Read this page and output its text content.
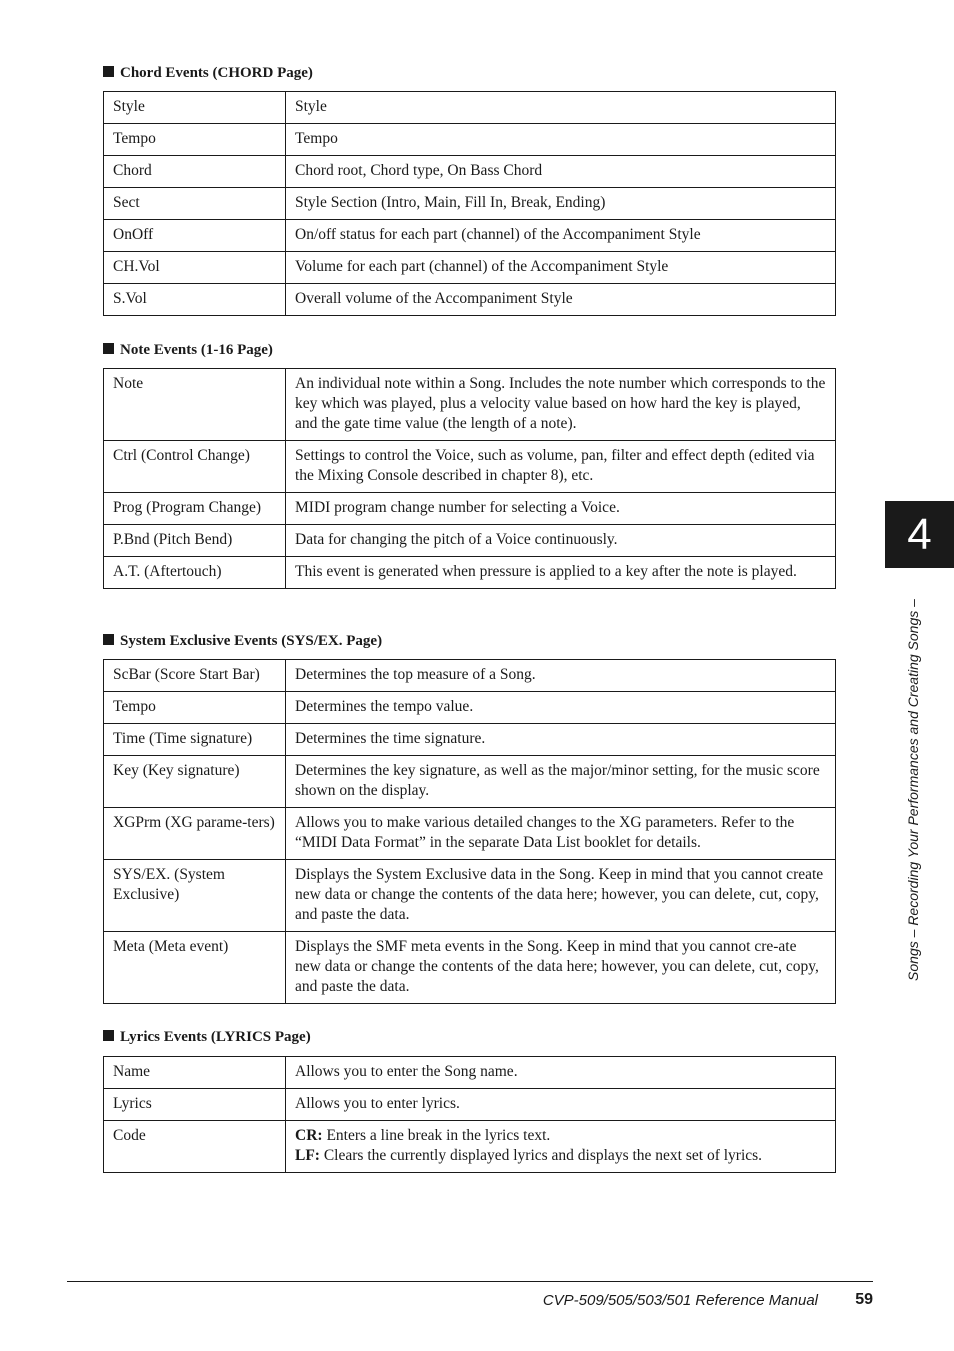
Chord Events (CHORD Page)
Style	Style
Tempo	Tempo
Chord	Chord root, Chord type, On Bass Chord
Sect	Style Section (Intro, Main, Fill In, Break, Ending)
OnOff	On/off status for each part (channel) of the Accompaniment Style
CH.Vol	Volume for each part (channel) of the Accompaniment Style
S.Vol	Overall volume of the Accompaniment Style
Note Events (1-16 Page)
Note	An individual note within a Song. Includes the note number which corresponds to the key which was played, plus a velocity value based on how hard the key is played, and the gate time value (the length of a note).
Ctrl (Control Change)	Settings to control the Voice, such as volume, pan, filter and effect depth (edited via the Mixing Console described in chapter 8), etc.
Prog (Program Change)	MIDI program change number for selecting a Voice.
P.Bnd (Pitch Bend)	Data for changing the pitch of a Voice continuously.
A.T. (Aftertouch)	This event is generated when pressure is applied to a key after the note is played.
System Exclusive Events (SYS/EX. Page)
ScBar (Score Start Bar)	Determines the top measure of a Song.
Tempo	Determines the tempo value.
Time (Time signature)	Determines the time signature.
Key (Key signature)	Determines the key signature, as well as the major/minor setting, for the music score shown on the display.
XGPrm (XG parame-ters)	Allows you to make various detailed changes to the XG parameters. Refer to the “MIDI Data Format” in the separate Data List booklet for details.
SYS/EX. (System Exclusive)	Displays the System Exclusive data in the Song. Keep in mind that you cannot create new data or change the contents of the data here; however, you can delete, cut, copy, and paste the data.
Meta (Meta event)	Displays the SMF meta events in the Song. Keep in mind that you cannot cre-ate new data or change the contents of the data here; however, you can delete, cut, copy, and paste the data.
Lyrics Events (LYRICS Page)
Name	Allows you to enter the Song name.
Lyrics	Allows you to enter lyrics.
Code	CR: Enters a line break in the lyrics text.
LF: Clears the currently displayed lyrics and displays the next set of lyrics.
4
Songs – Recording Your Performances and Creating Songs –
CVP-509/505/503/501 Reference Manual	59
